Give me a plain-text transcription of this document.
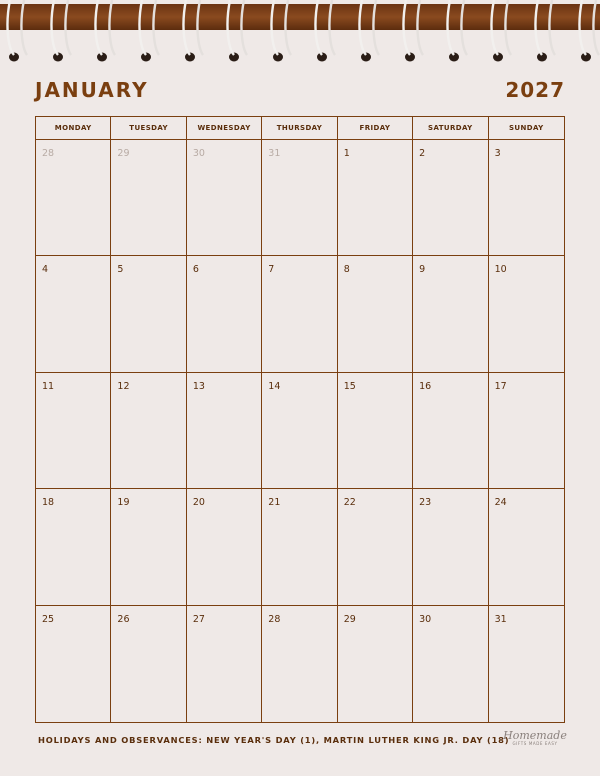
JANUARY	2027
MONDAY	TUESDAY	WEDNESDAY	THURSDAY	FRIDAY	SATURDAY	SUNDAY
28	29	30	31	1	2	3
4	5	6	7	8	9	10
11	12	13	14	15	16	17
18	19	20	21	22	23	24
25	26	27	28	29	30	31
HOLIDAYS AND OBSERVANCES: NEW YEAR'S DAY (1), MARTIN LUTHER KING JR. DAY (18)
Homemade
GIFTS MADE EASY
